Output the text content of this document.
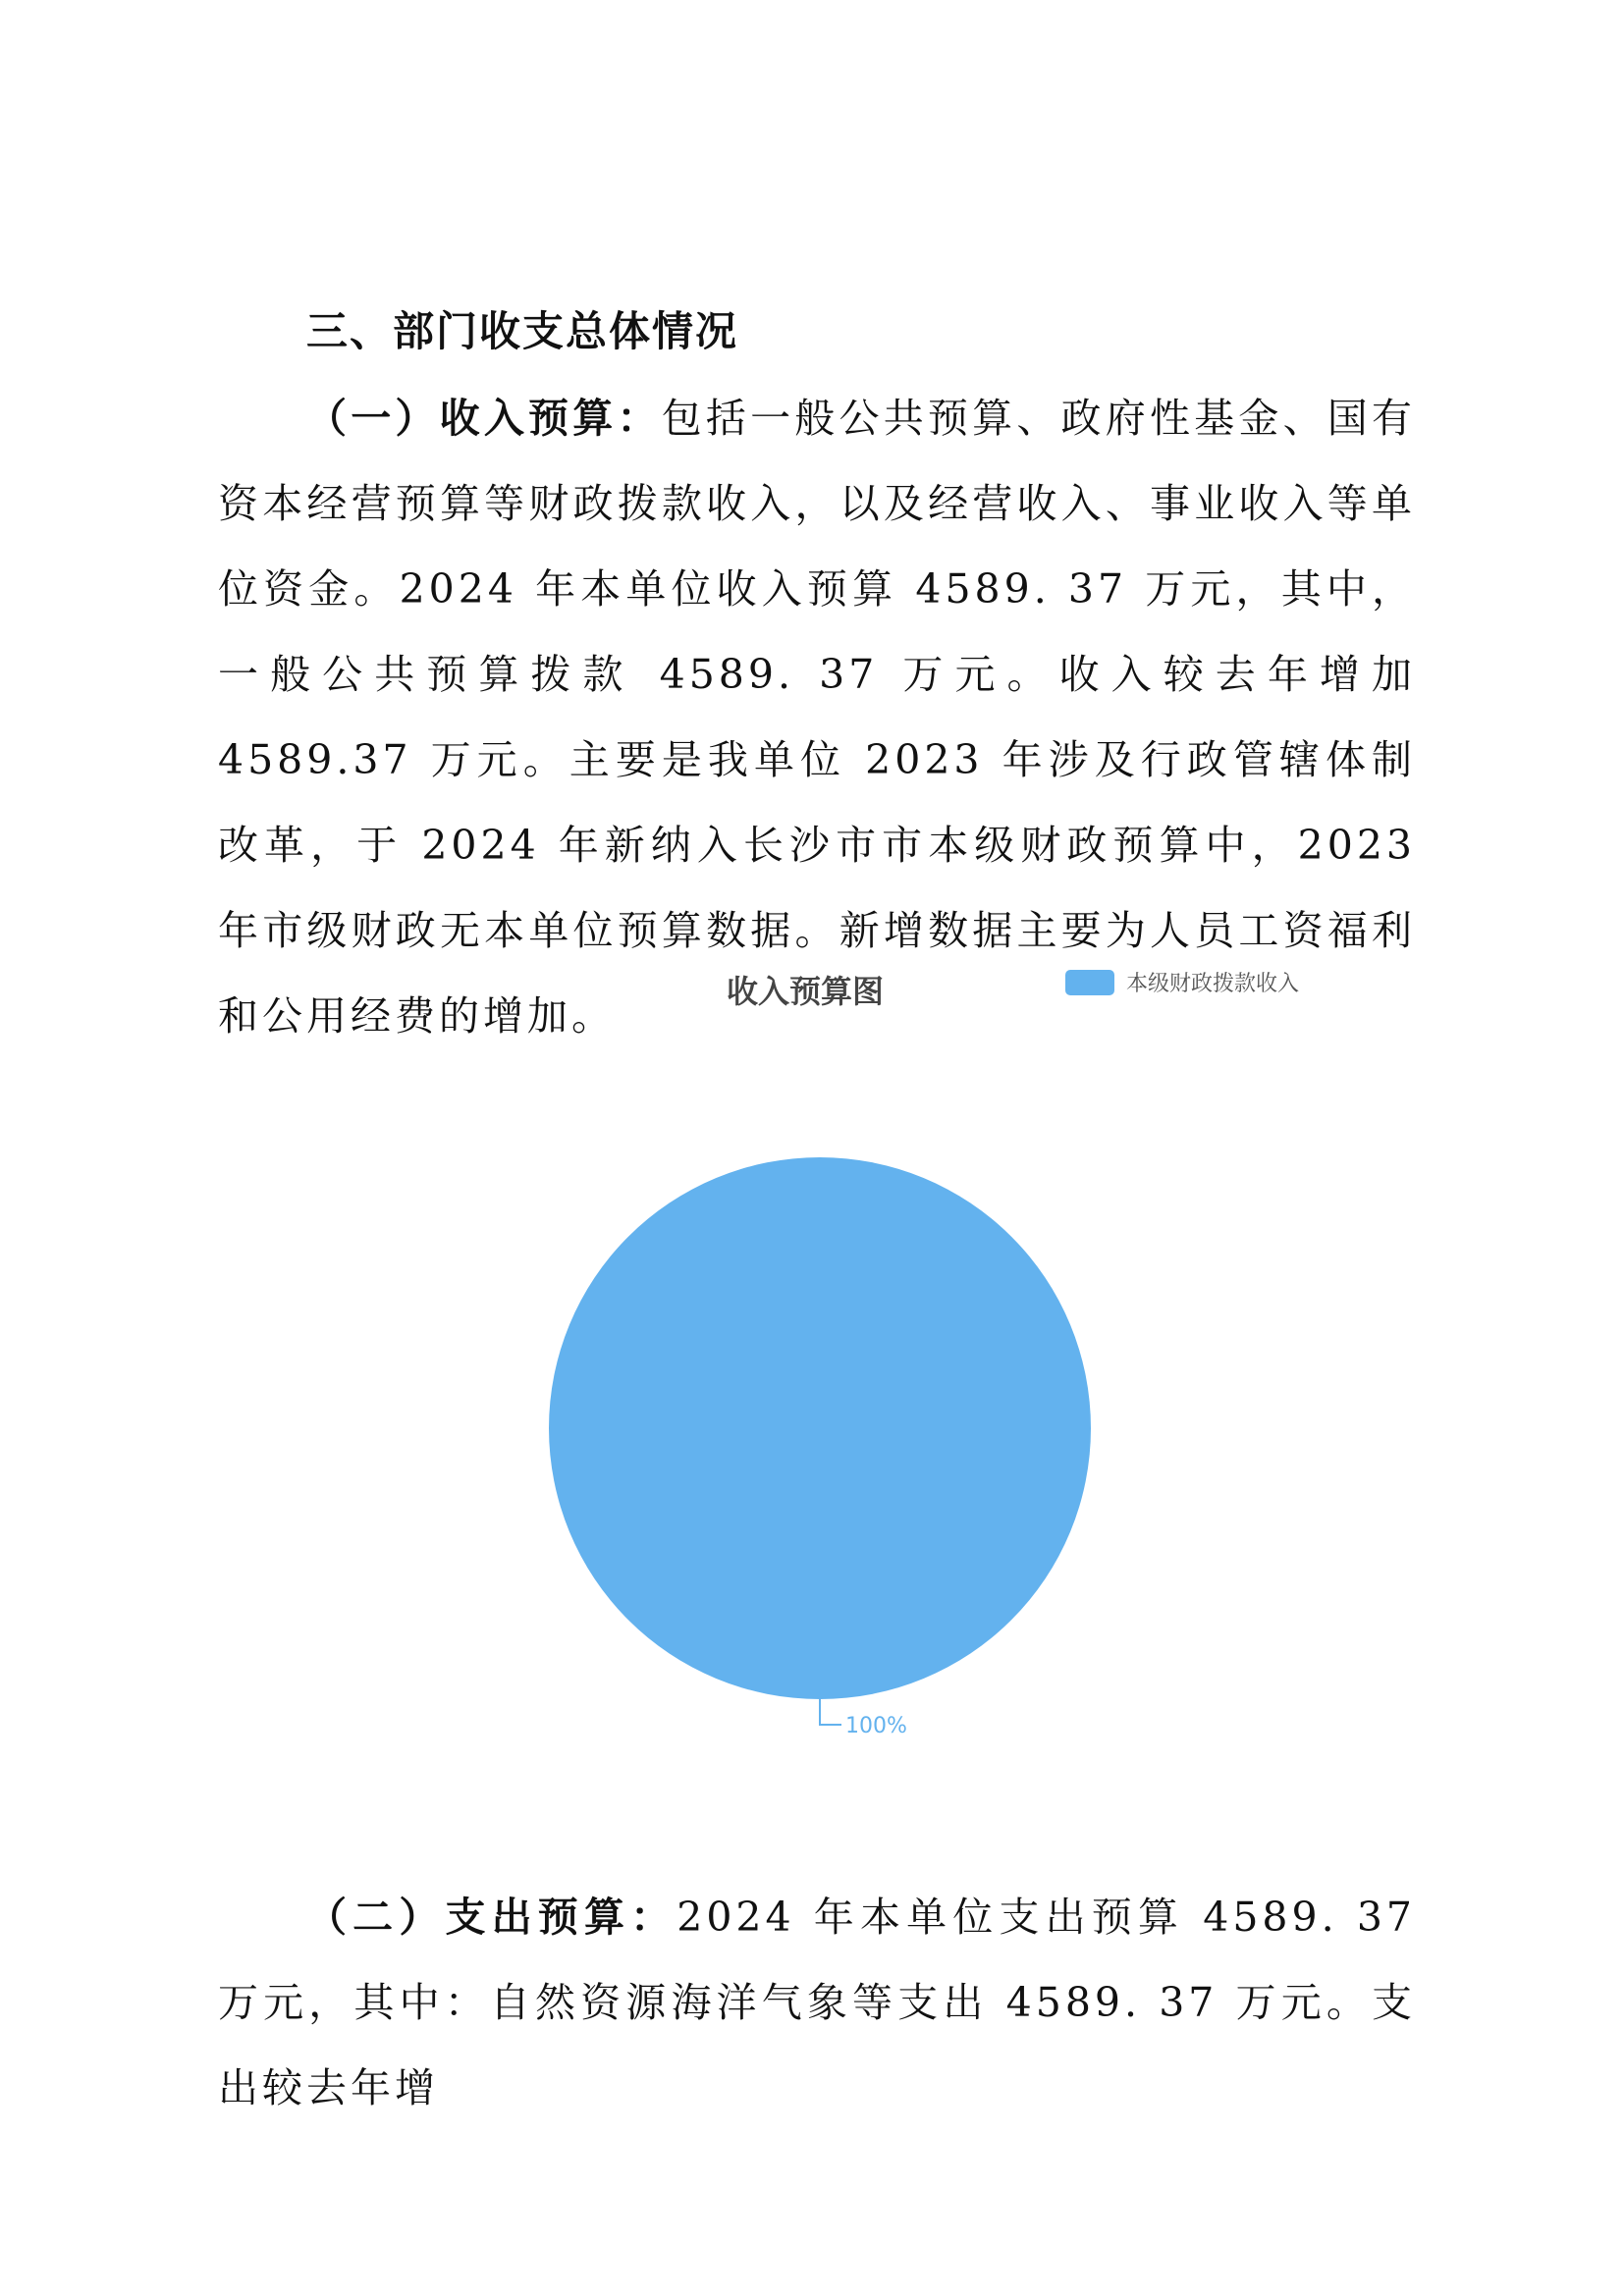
三、部门收支总体情况

（一）收入预算：包括一般公共预算、政府性基金、国有资本经营预算等财政拨款收入，以及经营收入、事业收入等单位资金。2024 年本单位收入预算 4589. 37 万元，其中，一般公共预算拨款 4589. 37 万元。收入较去年增加 4589.37 万元。主要是我单位 2023 年涉及行政管辖体制改革，于 2024 年新纳入长沙市市本级财政预算中，2023 年市级财政无本单位预算数据。新增数据主要为人员工资福利和公用经费的增加。

收入预算图	本级财政拨款收入
100%

（二）支出预算：2024 年本单位支出预算 4589. 37 万元，其中：自然资源海洋气象等支出 4589. 37 万元。支出较去年增
